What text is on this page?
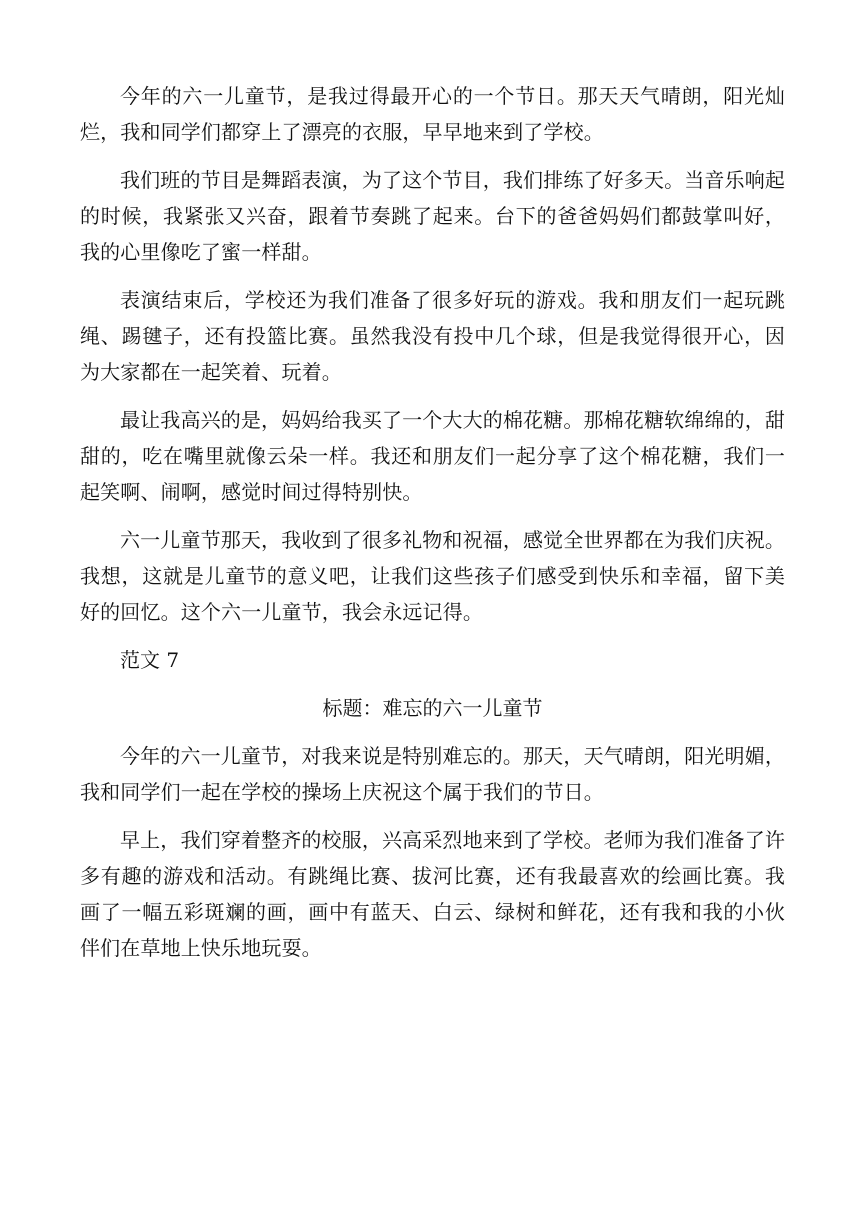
今年的六一儿童节，是我过得最开心的一个节日。那天天气晴朗，阳光灿烂，我和同学们都穿上了漂亮的衣服，早早地来到了学校。

我们班的节目是舞蹈表演，为了这个节目，我们排练了好多天。当音乐响起的时候，我紧张又兴奋，跟着节奏跳了起来。台下的爸爸妈妈们都鼓掌叫好，我的心里像吃了蜜一样甜。

表演结束后，学校还为我们准备了很多好玩的游戏。我和朋友们一起玩跳绳、踢毽子，还有投篮比赛。虽然我没有投中几个球，但是我觉得很开心，因为大家都在一起笑着、玩着。

最让我高兴的是，妈妈给我买了一个大大的棉花糖。那棉花糖软绵绵的，甜甜的，吃在嘴里就像云朵一样。我还和朋友们一起分享了这个棉花糖，我们一起笑啊、闹啊，感觉时间过得特别快。

六一儿童节那天，我收到了很多礼物和祝福，感觉全世界都在为我们庆祝。我想，这就是儿童节的意义吧，让我们这些孩子们感受到快乐和幸福，留下美好的回忆。这个六一儿童节，我会永远记得。

范文 7

标题：难忘的六一儿童节

今年的六一儿童节，对我来说是特别难忘的。那天，天气晴朗，阳光明媚，我和同学们一起在学校的操场上庆祝这个属于我们的节日。

早上，我们穿着整齐的校服，兴高采烈地来到了学校。老师为我们准备了许多有趣的游戏和活动。有跳绳比赛、拔河比赛，还有我最喜欢的绘画比赛。我画了一幅五彩斑斓的画，画中有蓝天、白云、绿树和鲜花，还有我和我的小伙伴们在草地上快乐地玩耍。
